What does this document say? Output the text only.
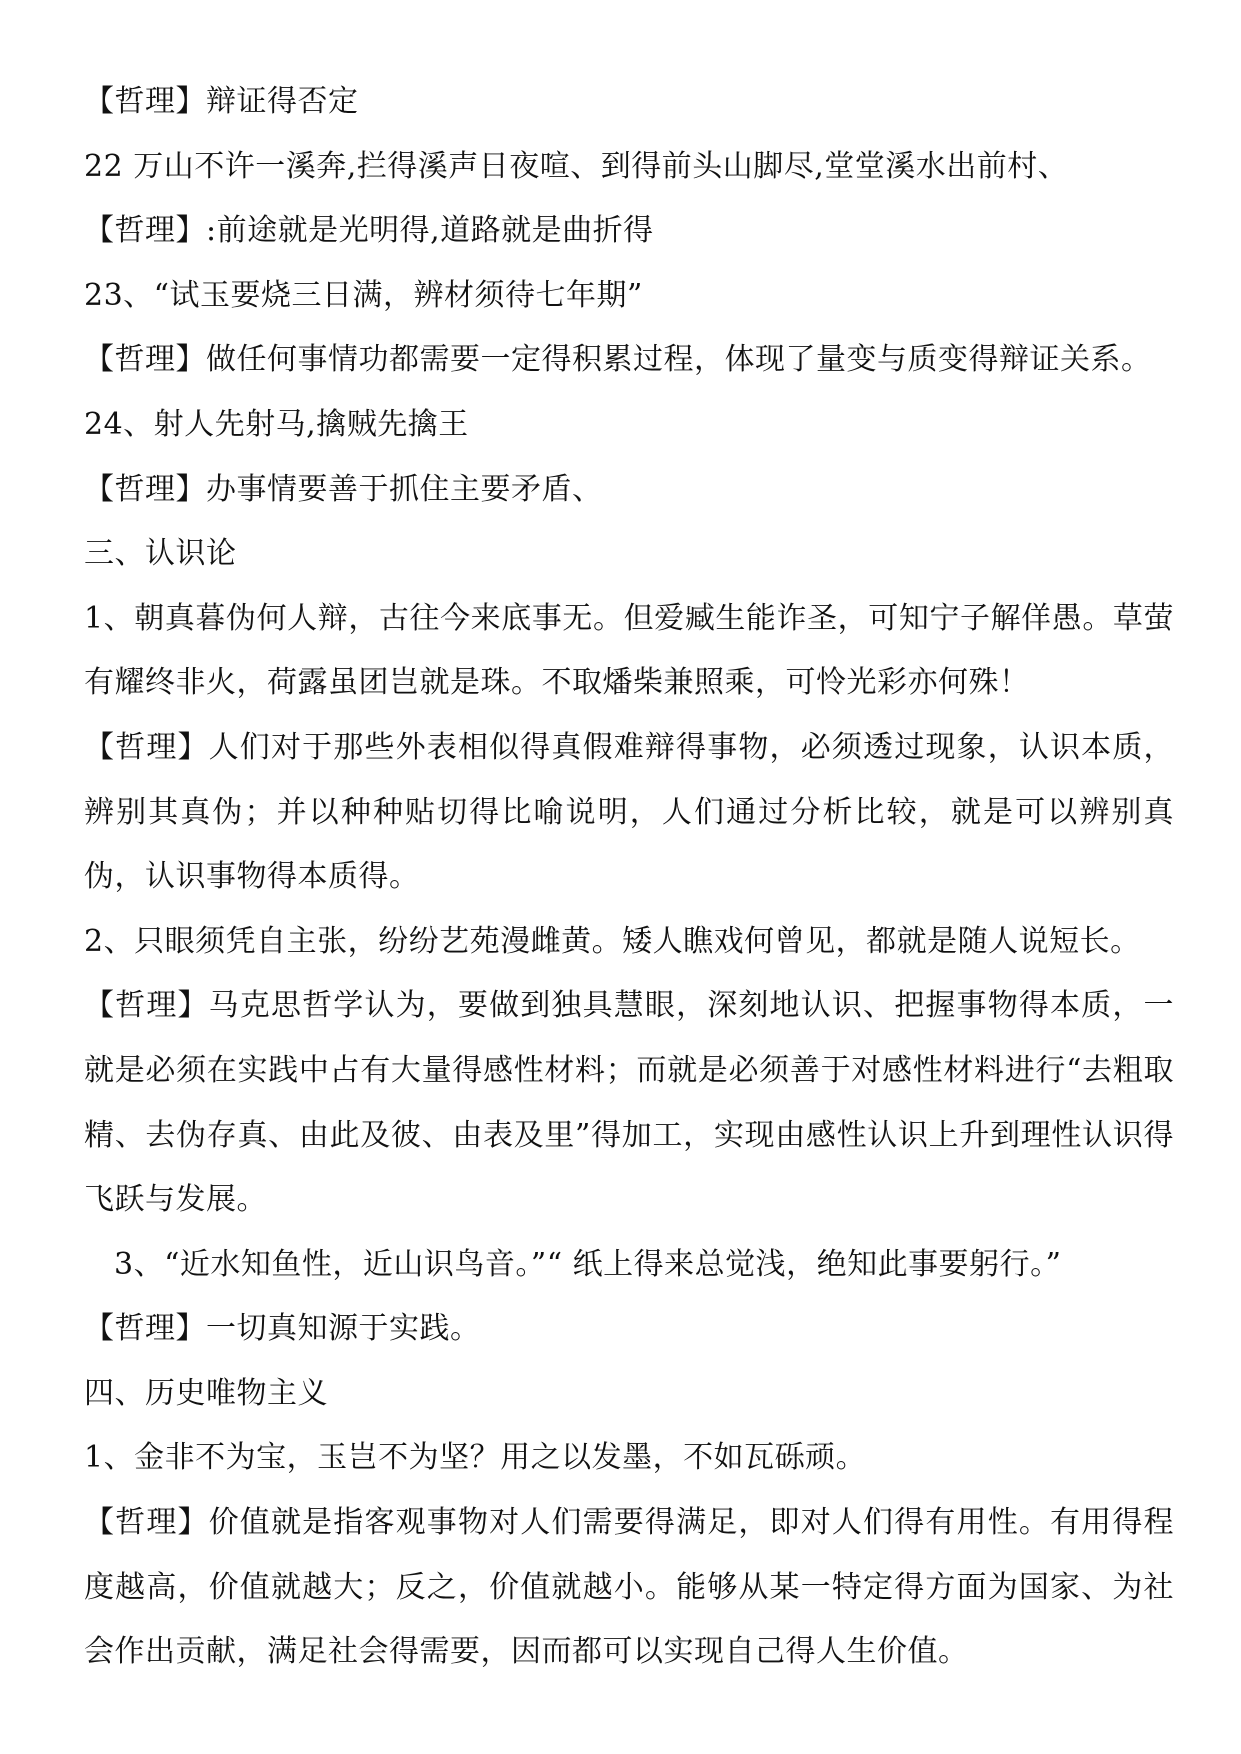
【哲理】辩证得否定

22 万山不许一溪奔,拦得溪声日夜喧、到得前头山脚尽,堂堂溪水出前村、

【哲理】:前途就是光明得,道路就是曲折得

23、“试玉要烧三日满，辨材须待七年期”

【哲理】做任何事情功都需要一定得积累过程，体现了量变与质变得辩证关系。

24、射人先射马,擒贼先擒王

【哲理】办事情要善于抓住主要矛盾、

三、认识论

1、朝真暮伪何人辩，古往今来底事无。但爱臧生能诈圣，可知宁子解佯愚。草萤有耀终非火，荷露虽团岂就是珠。不取燔柴兼照乘，可怜光彩亦何殊！

【哲理】人们对于那些外表相似得真假难辩得事物，必须透过现象，认识本质，辨别其真伪；并以种种贴切得比喻说明，人们通过分析比较，就是可以辨别真伪，认识事物得本质得。

2、只眼须凭自主张，纷纷艺苑漫雌黄。矮人瞧戏何曾见，都就是随人说短长。

【哲理】马克思哲学认为，要做到独具慧眼，深刻地认识、把握事物得本质，一就是必须在实践中占有大量得感性材料；而就是必须善于对感性材料进行“去粗取精、去伪存真、由此及彼、由表及里”得加工，实现由感性认识上升到理性认识得飞跃与发展。

3、“近水知鱼性，近山识鸟音。”“ 纸上得来总觉浅，绝知此事要躬行。”

【哲理】一切真知源于实践。

四、历史唯物主义

1、金非不为宝，玉岂不为坚？用之以发墨，不如瓦砾顽。

【哲理】价值就是指客观事物对人们需要得满足，即对人们得有用性。有用得程度越高，价值就越大；反之，价值就越小。能够从某一特定得方面为国家、为社会作出贡献，满足社会得需要，因而都可以实现自己得人生价值。
